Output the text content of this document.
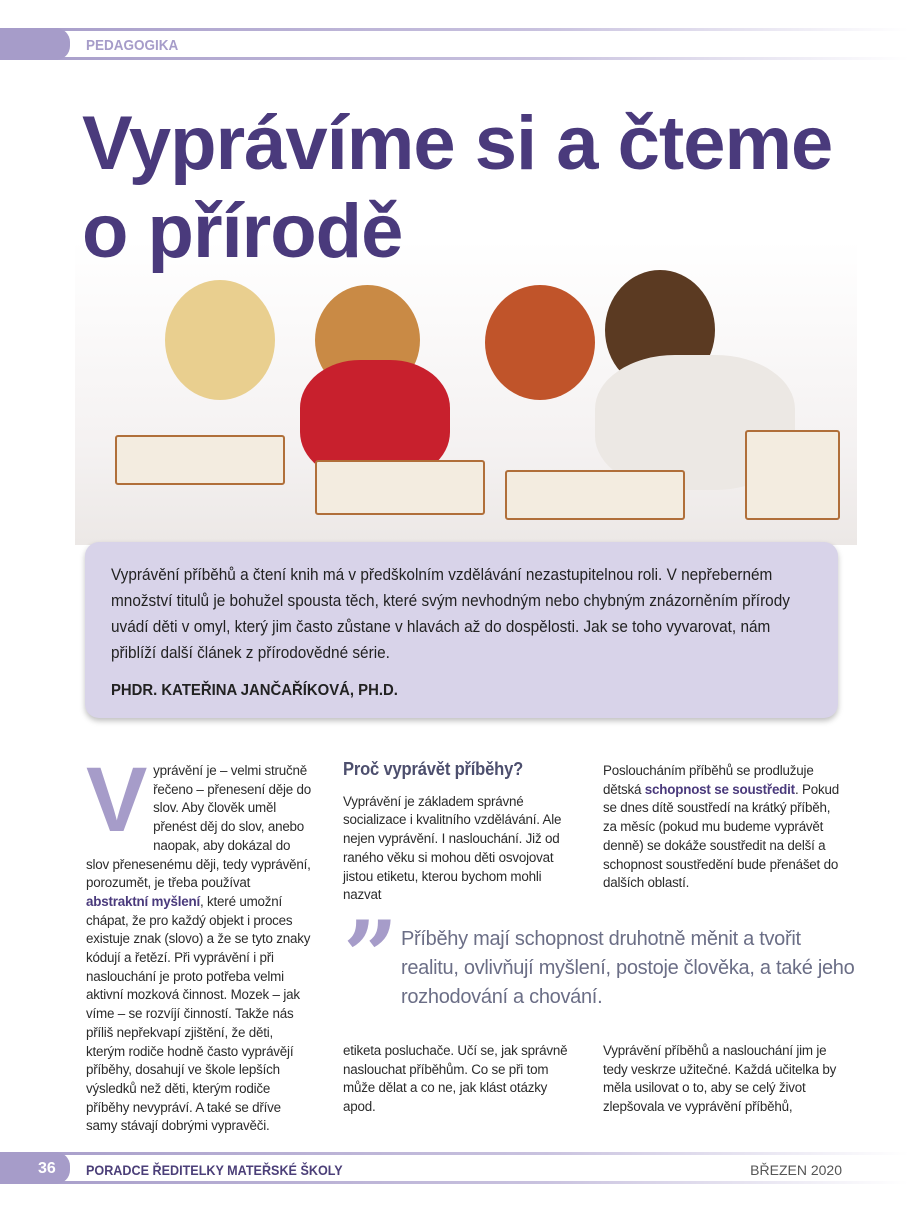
PEDAGOGIKA
Vyprávíme si a čteme o přírodě

Vyprávění příběhů a čtení knih má v předškolním vzdělávání nezastupitelnou roli. V nepřeberném množství titulů je bohužel spousta těch, které svým nevhodným nebo chybným znázorněním přírody uvádí děti v omyl, který jim často zůstane v hlavách až do dospělosti. Jak se toho vyvarovat, nám přiblíží další článek z přírodovědné série.

PHDR. KATEŘINA JANČAŘÍKOVÁ, PH.D.

Vyprávění je – velmi stručně řečeno – přenesení děje do slov. Aby člověk uměl přenést děj do slov, anebo naopak, aby dokázal do slov přenesenému ději, tedy vyprávění, porozumět, je třeba používat abstraktní myšlení, které umožní chápat, že pro každý objekt i proces existuje znak (slovo) a že se tyto znaky kódují a řetězí. Při vyprávění i při naslouchání je proto potřeba velmi aktivní mozková činnost. Mozek – jak víme – se rozvíjí činností. Takže nás příliš nepřekvapí zjištění, že děti, kterým rodiče hodně často vyprávějí příběhy, dosahují ve škole lepších výsledků než děti, kterým rodiče příběhy nevypráví. A také se dříve samy stávají dobrými vypravěči.
Proč vyprávět příběhy?
Vyprávění je základem správné socializace i kvalitního vzdělávání. Ale nejen vyprávění. I naslouchání. Již od raného věku si mohou děti osvojovat jistou etiketu, kterou bychom mohli nazvat
etiketa posluchače. Učí se, jak správně naslouchat příběhům. Co se při tom může dělat a co ne, jak klást otázky apod.
Posloucháním příběhů se prodlužuje dětská schopnost se soustředit. Pokud se dnes dítě soustředí na krátký příběh, za měsíc (pokud mu budeme vyprávět denně) se dokáže soustředit na delší a schopnost soustředění bude přenášet do dalších oblastí.
Vyprávění příběhů a naslouchání jim je tedy veskrze užitečné. Každá učitelka by měla usilovat o to, aby se celý život zlepšovala ve vyprávění příběhů,
” Příběhy mají schopnost druhotně měnit a tvořit realitu, ovlivňují myšlení, postoje člověka, a také jeho rozhodování a chování.
36 PORADCE ŘEDITELKY MATEŘSKÉ ŠKOLY	BŘEZEN 2020
